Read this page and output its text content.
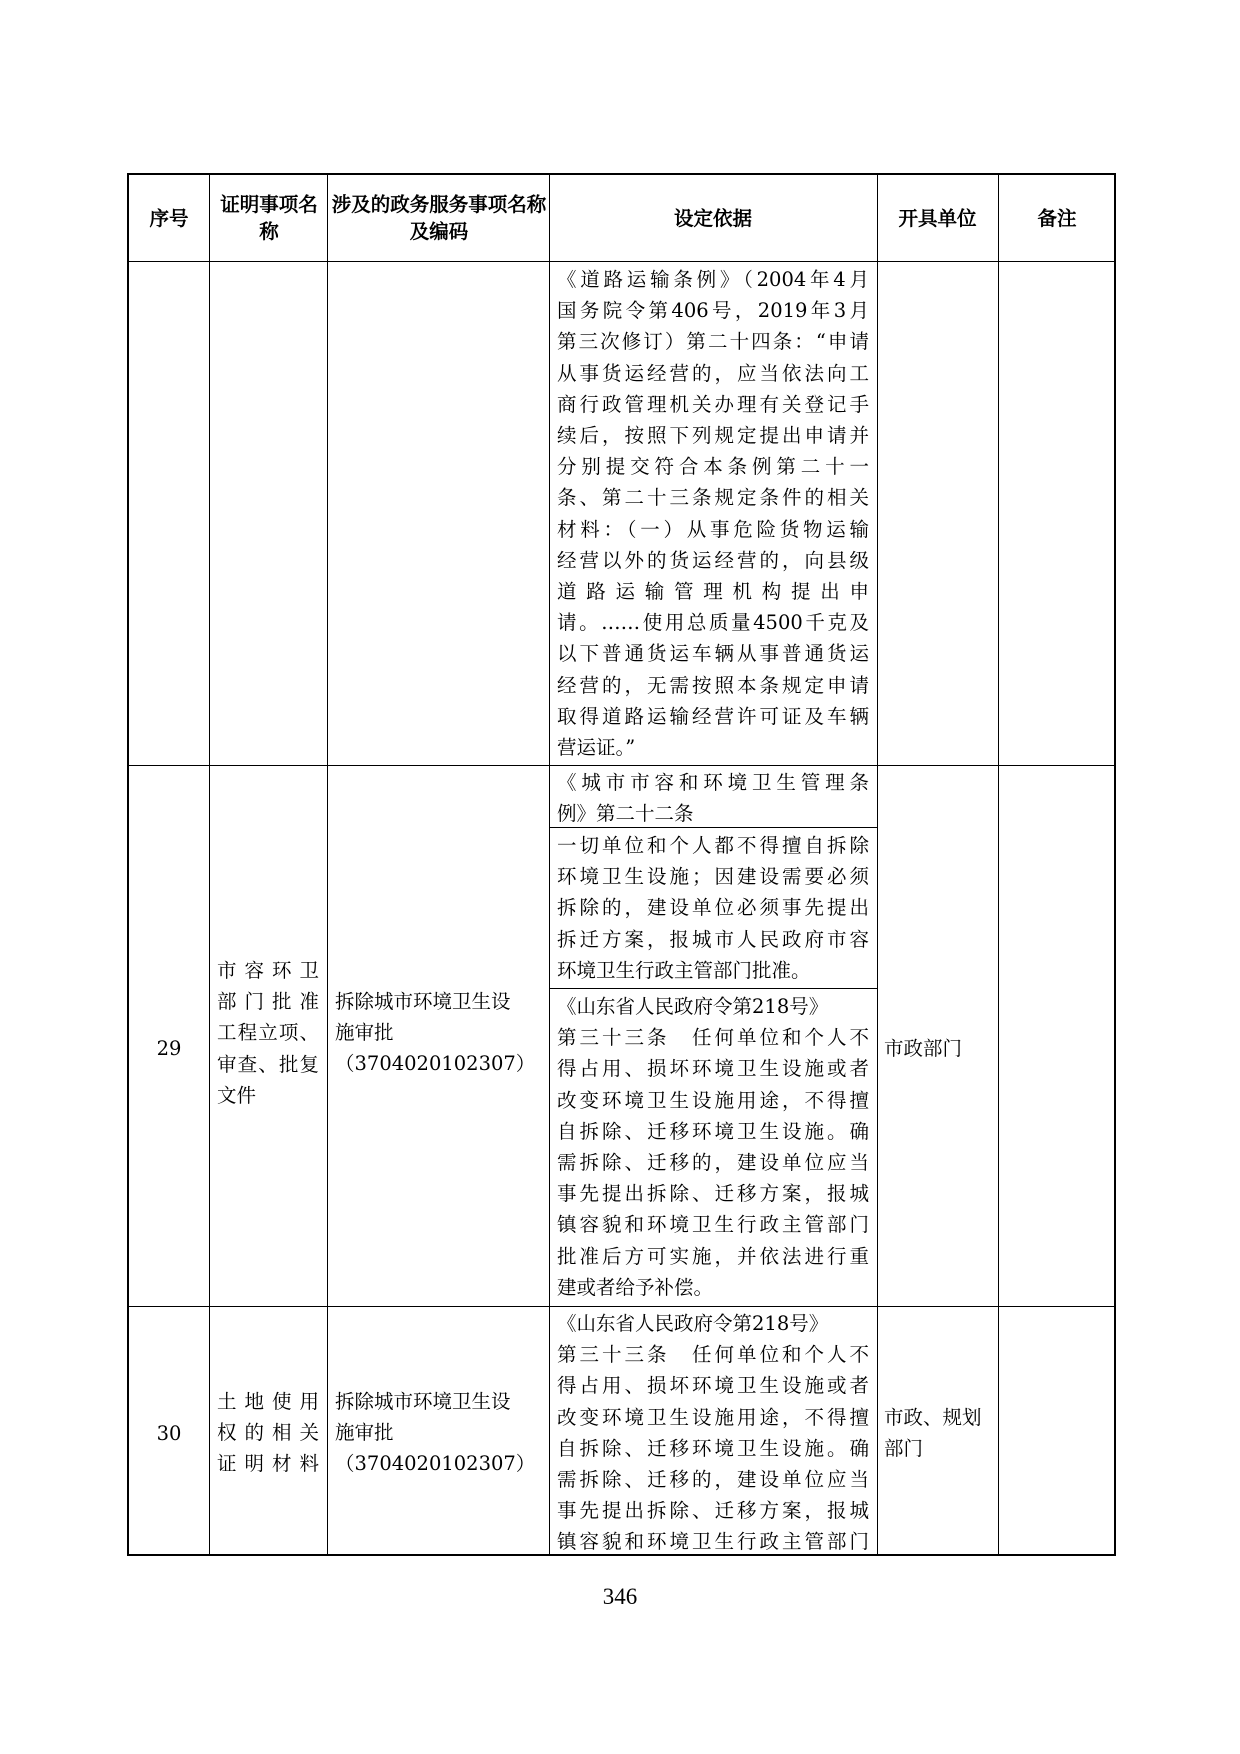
序号
证明事项名称
涉及的政务服务事项名称及编码
设定依据	开具单位	备注
《道路运输条例》（2004年4月
国务院令第406号，2019年3月
第三次修订）第二十四条：“申请
从事货运经营的，应当依法向工
商行政管理机关办理有关登记手
续后，按照下列规定提出申请并
分别提交符合本条例第二十一
条、第二十三条规定条件的相关
材料：（一）从事危险货物运输
经营以外的货运经营的，向县级
道路运输管理机构提出申
请。……使用总质量4500千克及
以下普通货运车辆从事普通货运
经营的，无需按照本条规定申请
取得道路运输经营许可证及车辆
营运证。”
29
市容环卫
部门批准
工程立项、
审查、批复
文件
拆除城市环境卫生设
施审批
（3704020102307）
《城市市容和环境卫生管理条
例》第二十二条
一切单位和个人都不得擅自拆除
环境卫生设施；因建设需要必须
拆除的，建设单位必须事先提出
拆迁方案，报城市人民政府市容
环境卫生行政主管部门批准。
《山东省人民政府令第218号》
第三十三条　任何单位和个人不
得占用、损坏环境卫生设施或者
改变环境卫生设施用途，不得擅
自拆除、迁移环境卫生设施。确
需拆除、迁移的，建设单位应当
事先提出拆除、迁移方案，报城
镇容貌和环境卫生行政主管部门
批准后方可实施，并依法进行重
建或者给予补偿。
市政部门
30
土地使用
权的相关
证明材料
拆除城市环境卫生设
施审批
（3704020102307）
《山东省人民政府令第218号》
第三十三条　任何单位和个人不
得占用、损坏环境卫生设施或者
改变环境卫生设施用途，不得擅
自拆除、迁移环境卫生设施。确
需拆除、迁移的，建设单位应当
事先提出拆除、迁移方案，报城
镇容貌和环境卫生行政主管部门
市政、规划
部门
346
